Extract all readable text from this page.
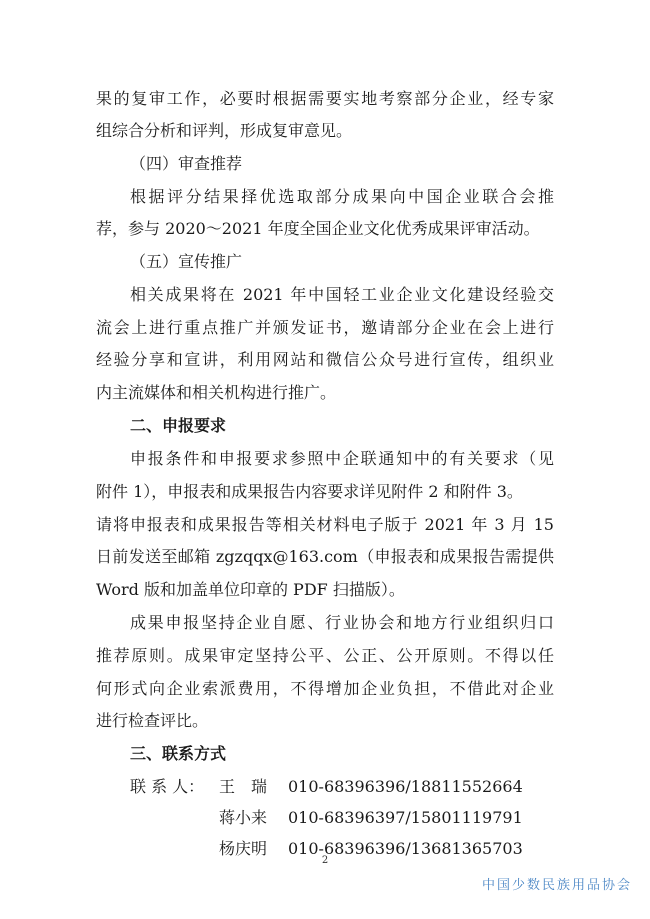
果的复审工作，必要时根据需要实地考察部分企业，经专家
组综合分析和评判，形成复审意见。
（四）审查推荐
根据评分结果择优选取部分成果向中国企业联合会推
荐，参与 2020～2021 年度全国企业文化优秀成果评审活动。
（五）宣传推广
相关成果将在 2021 年中国轻工业企业文化建设经验交
流会上进行重点推广并颁发证书，邀请部分企业在会上进行
经验分享和宣讲，利用网站和微信公众号进行宣传，组织业
内主流媒体和相关机构进行推广。
二、申报要求
申报条件和申报要求参照中企联通知中的有关要求（见
附件 1），申报表和成果报告内容要求详见附件 2 和附件 3。
请将申报表和成果报告等相关材料电子版于 2021 年 3 月 15
日前发送至邮箱 zgzqqx@163.com（申报表和成果报告需提供
Word 版和加盖单位印章的 PDF 扫描版）。
成果申报坚持企业自愿、行业协会和地方行业组织归口
推荐原则。成果审定坚持公平、公正、公开原则。不得以任
何形式向企业索派费用，不得增加企业负担，不借此对企业
进行检查评比。
三、联系方式
联 系 人： 王　瑞 010-68396396/18811552664
蒋小来 010-68396397/15801119791
杨庆明 010-68396396/13681365703
2
中国少数民族用品协会
